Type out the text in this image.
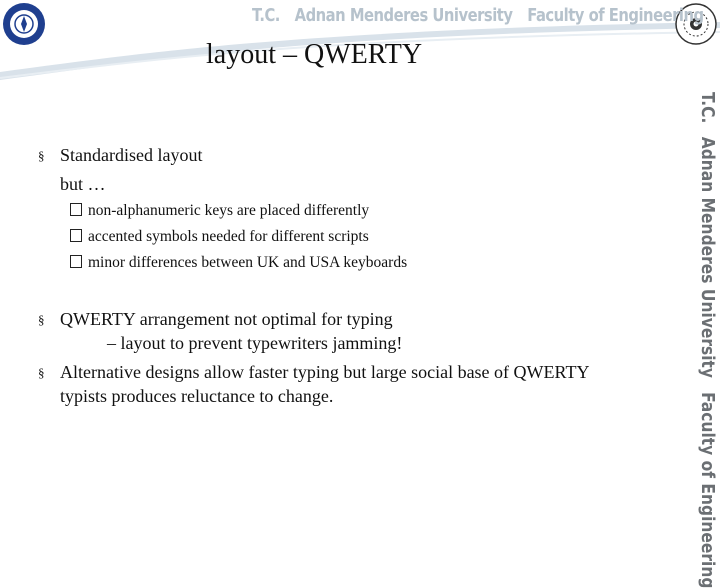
T.C. Adnan Menderes University Faculty of Engineering
layout – QWERTY
T.C.
Adnan Menderes University
Faculty of Engineering
§ Standardised layout
but …
non-alphanumeric keys are placed differently
accented symbols needed for different scripts
minor differences between UK and USA keyboards
§ QWERTY arrangement not optimal for typing
– layout to prevent typewriters jamming!
§ Alternative designs allow faster typing but large social base of QWERTY
typists produces reluctance to change.
